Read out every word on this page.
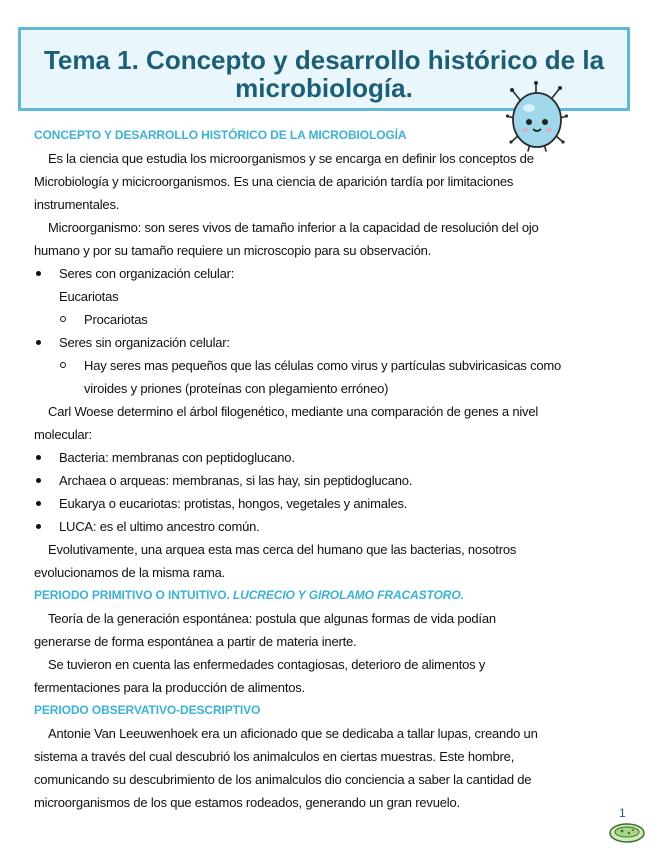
Tema 1. Concepto y desarrollo histórico de la microbiología.
CONCEPTO Y DESARROLLO HISTÓRICO DE LA MICROBIOLOGÍA
Es la ciencia que estudia los microorganismos y se encarga en definir los conceptos de
Microbiología y micicroorganismos. Es una ciencia de aparición tardía por limitaciones
instrumentales.
Microorganismo: son seres vivos de tamaño inferior a la capacidad de resolución del ojo
humano y por su tamaño requiere un microscopio para su observación.
Seres con organización celular:
Eucariotas
Procariotas
Seres sin organización celular:
Hay seres mas pequeños que las células como virus y partículas subviricasicas como
viroides y priones (proteínas con plegamiento erróneo)
Carl Woese determino el árbol filogenético, mediante una comparación de genes a nivel
molecular:
Bacteria: membranas con peptidoglucano.
Archaea o arqueas: membranas, si las hay, sin peptidoglucano.
Eukarya o eucariotas: protistas, hongos, vegetales y animales.
LUCA: es el ultimo ancestro común.
Evolutivamente, una arquea esta mas cerca del humano que las bacterias, nosotros
evolucionamos de la misma rama.
PERIODO PRIMITIVO O INTUITIVO. LUCRECIO Y GIROLAMO FRACASTORO.
Teoría de la generación espontánea: postula que algunas formas de vida podían
generarse de forma espontánea a partir de materia inerte.
Se tuvieron en cuenta las enfermedades contagiosas, deterioro de alimentos y
fermentaciones para la producción de alimentos.
PERIODO OBSERVATIVO-DESCRIPTIVO
Antonie Van Leeuwenhoek era un aficionado que se dedicaba a tallar lupas, creando un
sistema a través del cual descubrió los animalculos en ciertas muestras. Este hombre,
comunicando su descubrimiento de los animalculos dio conciencia a saber la cantidad de
microorganismos de los que estamos rodeados, generando un gran revuelo.
1
